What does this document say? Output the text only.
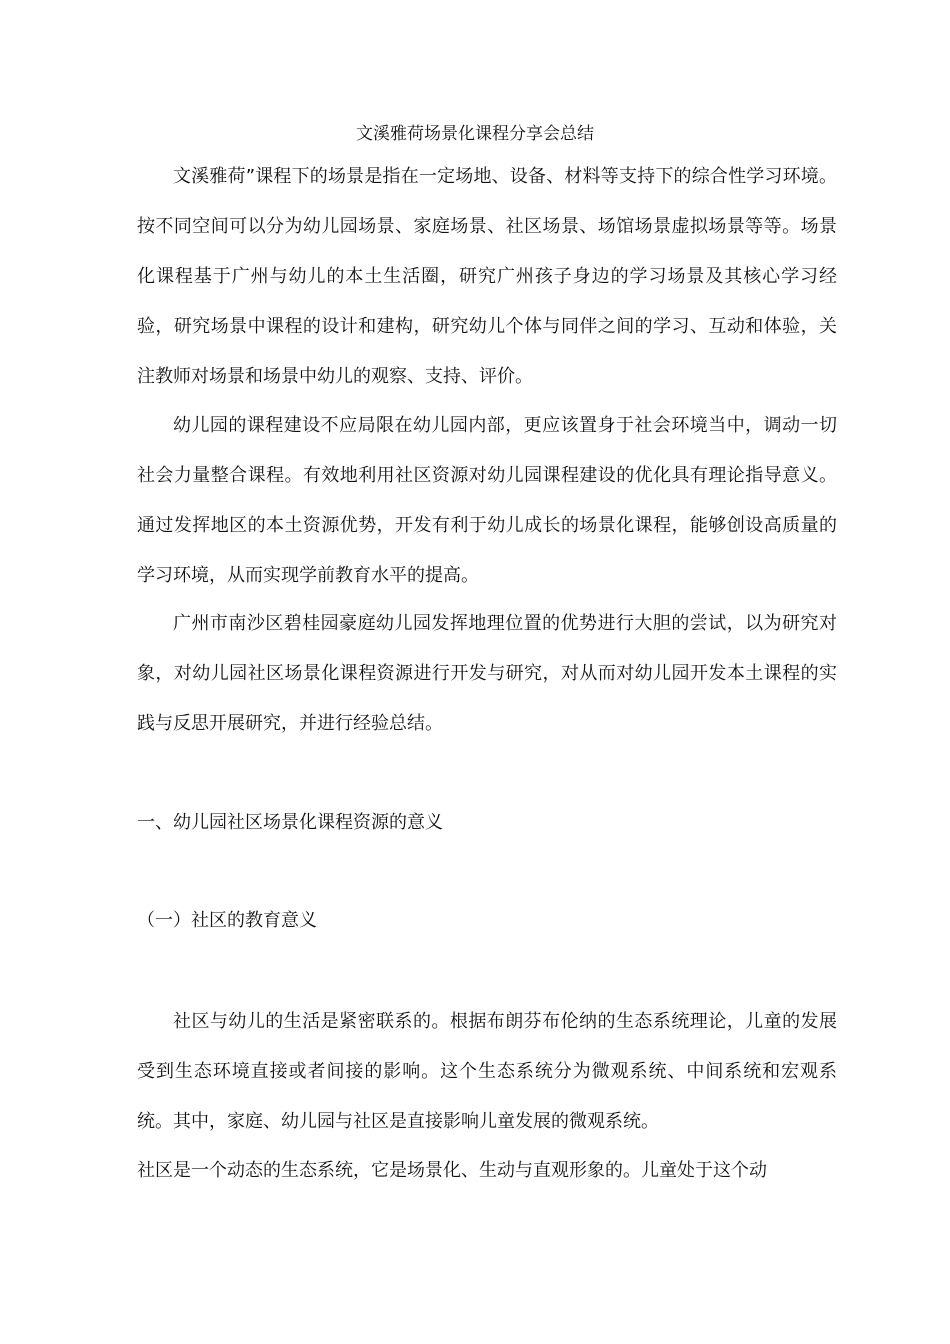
文溪雅荷场景化课程分享会总结

文溪雅荷”课程下的场景是指在一定场地、设备、材料等支持下的综合性学习环境。按不同空间可以分为幼儿园场景、家庭场景、社区场景、场馆场景虚拟场景等等。场景化课程基于广州与幼儿的本土生活圈，研究广州孩子身边的学习场景及其核心学习经验，研究场景中课程的设计和建构，研究幼儿个体与同伴之间的学习、互动和体验，关注教师对场景和场景中幼儿的观察、支持、评价。

幼儿园的课程建设不应局限在幼儿园内部，更应该置身于社会环境当中，调动一切社会力量整合课程。有效地利用社区资源对幼儿园课程建设的优化具有理论指导意义。通过发挥地区的本土资源优势，开发有利于幼儿成长的场景化课程，能够创设高质量的学习环境，从而实现学前教育水平的提高。

广州市南沙区碧桂园豪庭幼儿园发挥地理位置的优势进行大胆的尝试，以为研究对象，对幼儿园社区场景化课程资源进行开发与研究，对从而对幼儿园开发本土课程的实践与反思开展研究，并进行经验总结。

一、幼儿园社区场景化课程资源的意义
（一）社区的教育意义

社区与幼儿的生活是紧密联系的。根据布朗芬布伦纳的生态系统理论，儿童的发展受到生态环境直接或者间接的影响。这个生态系统分为微观系统、中间系统和宏观系统。其中，家庭、幼儿园与社区是直接影响儿童发展的微观系统。

社区是一个动态的生态系统，它是场景化、生动与直观形象的。儿童处于这个动
